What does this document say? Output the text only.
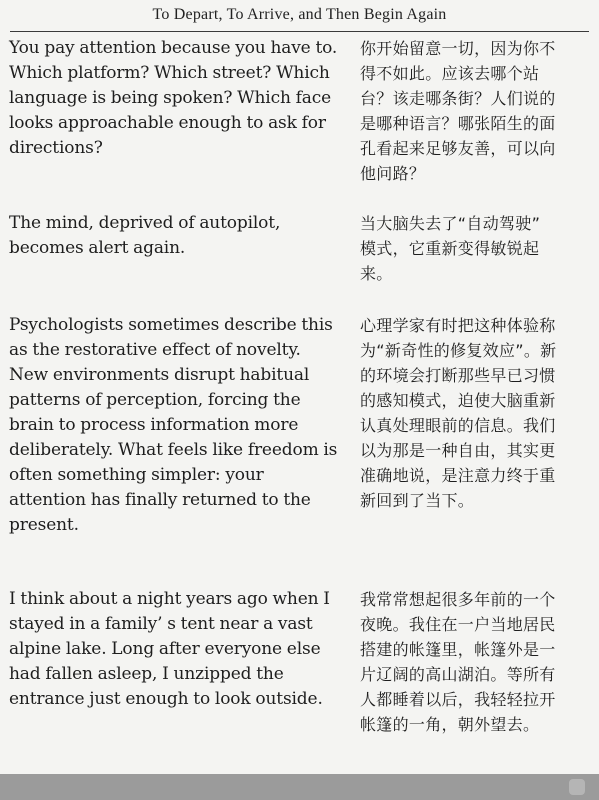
To Depart, To Arrive, and Then Begin Again

You pay attention because you have to.
Which platform? Which street? Which
language is being spoken? Which face
looks approachable enough to ask for
directions?

你开始留意一切，因为你不
得不如此。应该去哪个站
台？该走哪条街？人们说的
是哪种语言？哪张陌生的面
孔看起来足够友善，可以向
他问路？

The mind, deprived of autopilot,
becomes alert again.

当大脑失去了“自动驾驶”
模式，它重新变得敏锐起
来。

Psychologists sometimes describe this
as the restorative effect of novelty.
New environments disrupt habitual
patterns of perception, forcing the
brain to process information more
deliberately. What feels like freedom is
often something simpler: your
attention has finally returned to the
present.

心理学家有时把这种体验称
为“新奇性的修复效应”。新
的环境会打断那些早已习惯
的感知模式，迫使大脑重新
认真处理眼前的信息。我们
以为那是一种自由，其实更
准确地说，是注意力终于重
新回到了当下。

I think about a night years ago when I
stayed in a family’ s tent near a vast
alpine lake. Long after everyone else
had fallen asleep, I unzipped the
entrance just enough to look outside.

我常常想起很多年前的一个
夜晚。我住在一户当地居民
搭建的帐篷里，帐篷外是一
片辽阔的高山湖泊。等所有
人都睡着以后，我轻轻拉开
帐篷的一角，朝外望去。
